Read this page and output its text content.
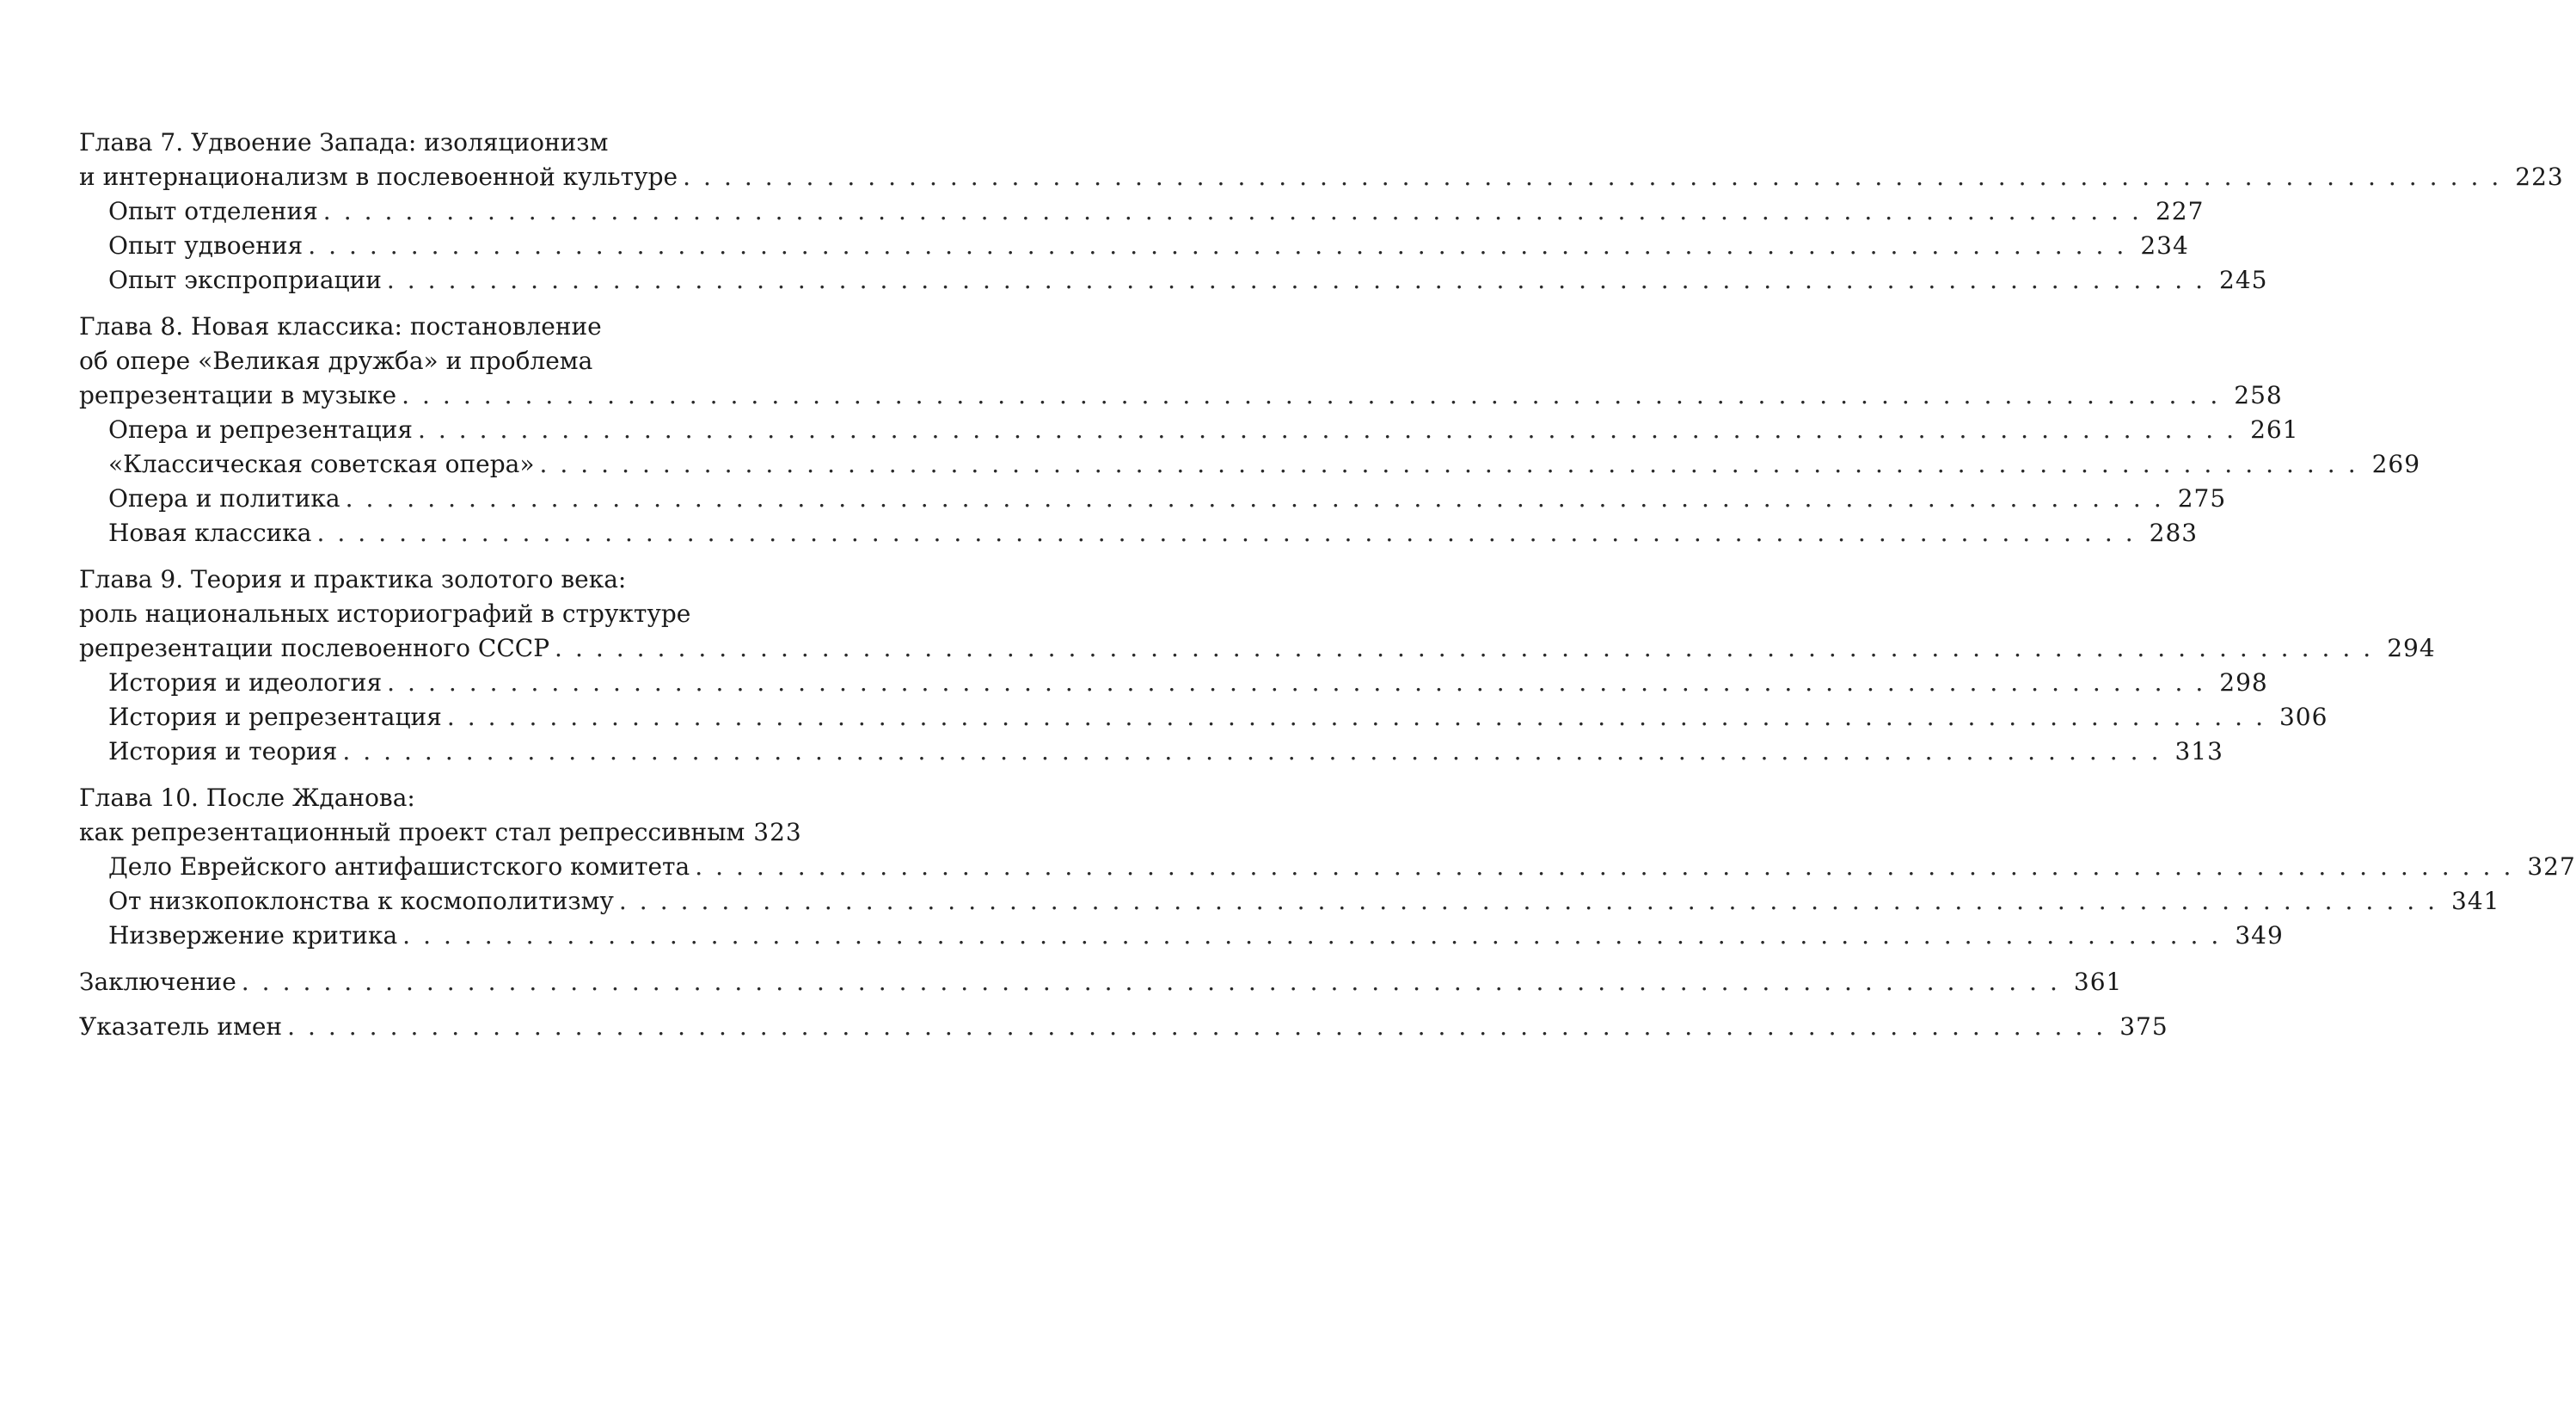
Глава 7. Удвоение Запада: изоляционизм
и интернационализм в послевоенной культуре ......................................................................................... 223
Опыт отделения ......................................................................................... 227
Опыт удвоения ......................................................................................... 234
Опыт экспроприации ......................................................................................... 245
Глава 8. Новая классика: постановление
об опере «Великая дружба» и проблема
репрезентации в музыке ......................................................................................... 258
Опера и репрезентация ......................................................................................... 261
«Классическая советская опера» ......................................................................................... 269
Опера и политика ......................................................................................... 275
Новая классика ......................................................................................... 283
Глава 9. Теория и практика золотого века:
роль национальных историографий в структуре
репрезентации послевоенного СССР ......................................................................................... 294
История и идеология ......................................................................................... 298
История и репрезентация ......................................................................................... 306
История и теория ......................................................................................... 313
Глава 10. После Жданова:
как репрезентационный проект стал репрессивным 323
Дело Еврейского антифашистского комитета ......................................................................................... 327
От низкопоклонства к космополитизму ......................................................................................... 341
Низвержение критика ......................................................................................... 349
Заключение ......................................................................................... 361
Указатель имен ......................................................................................... 375
